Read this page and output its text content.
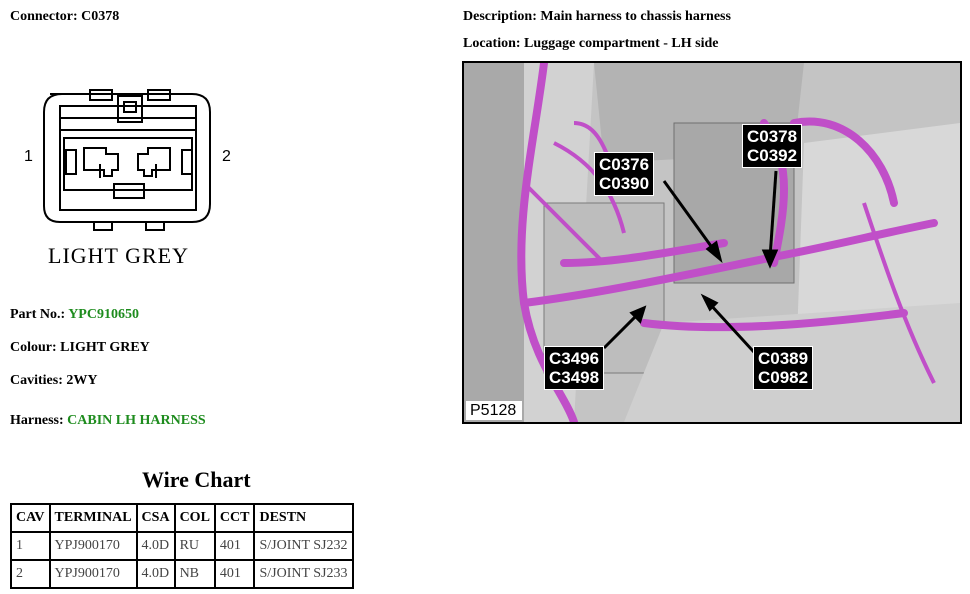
Connector: C0378	Description: Main harness to chassis harness
Location: Luggage compartment - LH side
1	2
LIGHT GREY
Part No.: YPC910650
Colour: LIGHT GREY
Cavities: 2WY
Harness: CABIN LH HARNESS
Wire Chart
CAV	TERMINAL	CSA	COL	CCT	DESTN
1	YPJ900170	4.0D	RU	401	S/JOINT SJ232
2	YPJ900170	4.0D	NB	401	S/JOINT SJ233
C0378
C0392
C0376
C0390
C3496
C3498
C0389
C0982
P5128
